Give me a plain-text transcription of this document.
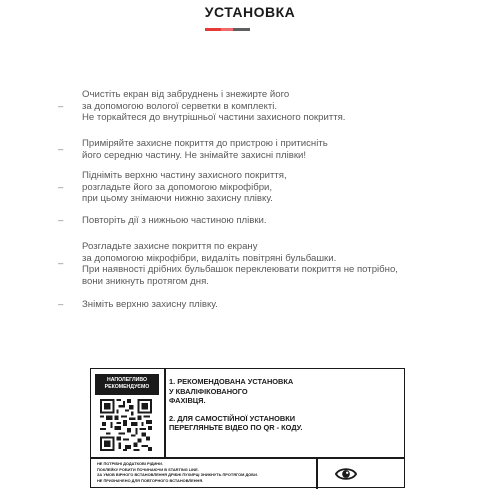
УСТАНОВКА
–
Очистіть екран від забруднень і знежирте його
за допомогою вологої серветки в комплекті.
Не торкайтеся до внутрішньої частини захисного покриття.
–
Приміряйте захисне покриття до пристрою і притисніть
його середню частину. Не знімайте захисні плівки!
–
Підніміть верхню частину захисного покриття,
розгладьте його за допомогою мікрофібри,
при цьому знімаючи нижню захисну плівку.
– Повторіть дії з нижньою частиною плівки.
–
Розгладьте захисне покриття по екрану
за допомогою мікрофібри, видаліть повітряні бульбашки.
При наявності дрібних бульбашок переклеювати покриття не потрібно,
вони зникнуть протягом дня.
– Зніміть верхню захисну плівку.
НАПОЛЕГЛИВО
РЕКОМЕНДУЄМО
1. РЕКОМЕНДОВАНА УСТАНОВКА
У КВАЛІФІКОВАНОГО
ФАХІВЦЯ.
2. ДЛЯ САМОСТІЙНОЇ УСТАНОВКИ
ПЕРЕГЛЯНЬТЕ ВІДЕО ПО QR - КОДУ.
НЕ ПОТРІБНІ ДОДАТКОВІ РІДИНИ.
ПОКЛЕЙКУ РОБИТИ ПОЧИНАЮЧИ В STARTING LINE.
ЗА УМОВ ВІРНОГО ВСТАНОВЛЕННЯ ДРІБНІ ПУХИРЦІ ЗНИКНУТЬ ПРОТЯГОМ ДОБИ.
НЕ ПРИЗНАЧЕНО ДЛЯ ПОВТОРНОГО ВСТАНОВЛЕННЯ.
